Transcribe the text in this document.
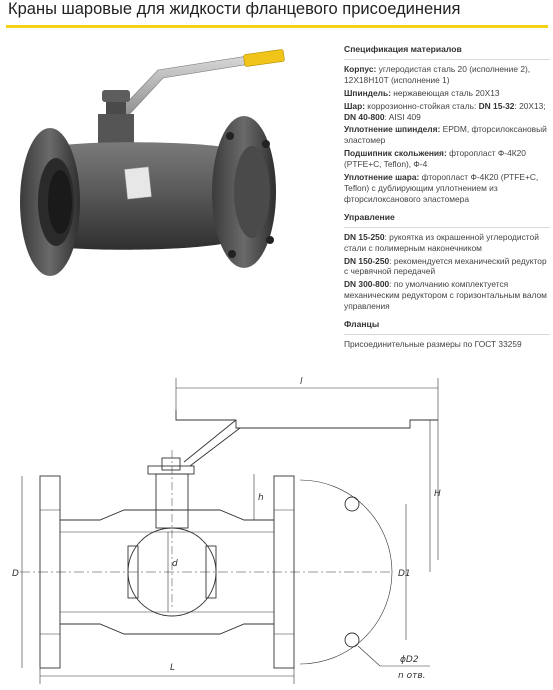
Краны шаровые для жидкости фланцевого присоединения
Спецификация материалов
Корпус: углеродистая сталь 20 (исполнение 2), 12Х18Н10Т (исполнение 1)
Шпиндель: нержавеющая сталь 20Х13
Шар: коррозионно-стойкая сталь: DN 15-32: 20Х13; DN 40-800: AISI 409
Уплотнение шпинделя: EPDM, фторсилоксановый эластомер
Подшипник скольжения: фторопласт Ф-4К20 (PTFE+C, Teflon), Ф-4
Уплотнение шара: фторопласт Ф-4К20 (PTFE+C, Teflon) с дублирующим уплотнением из фторсилоксанового эластомера
Управление
DN 15-250: рукоятка из окрашенной углеродистой стали с полимерным наконечником
DN 150-250: рекомендуется механический редуктор с червячной передачей
DN 300-800: по умолчанию комплектуется механическим редуктором с горизонтальным валом управления
Фланцы
Присоединительные размеры по ГОСТ 33259
l
L
h	H
D	D1
d
ϕD2
n отв.
